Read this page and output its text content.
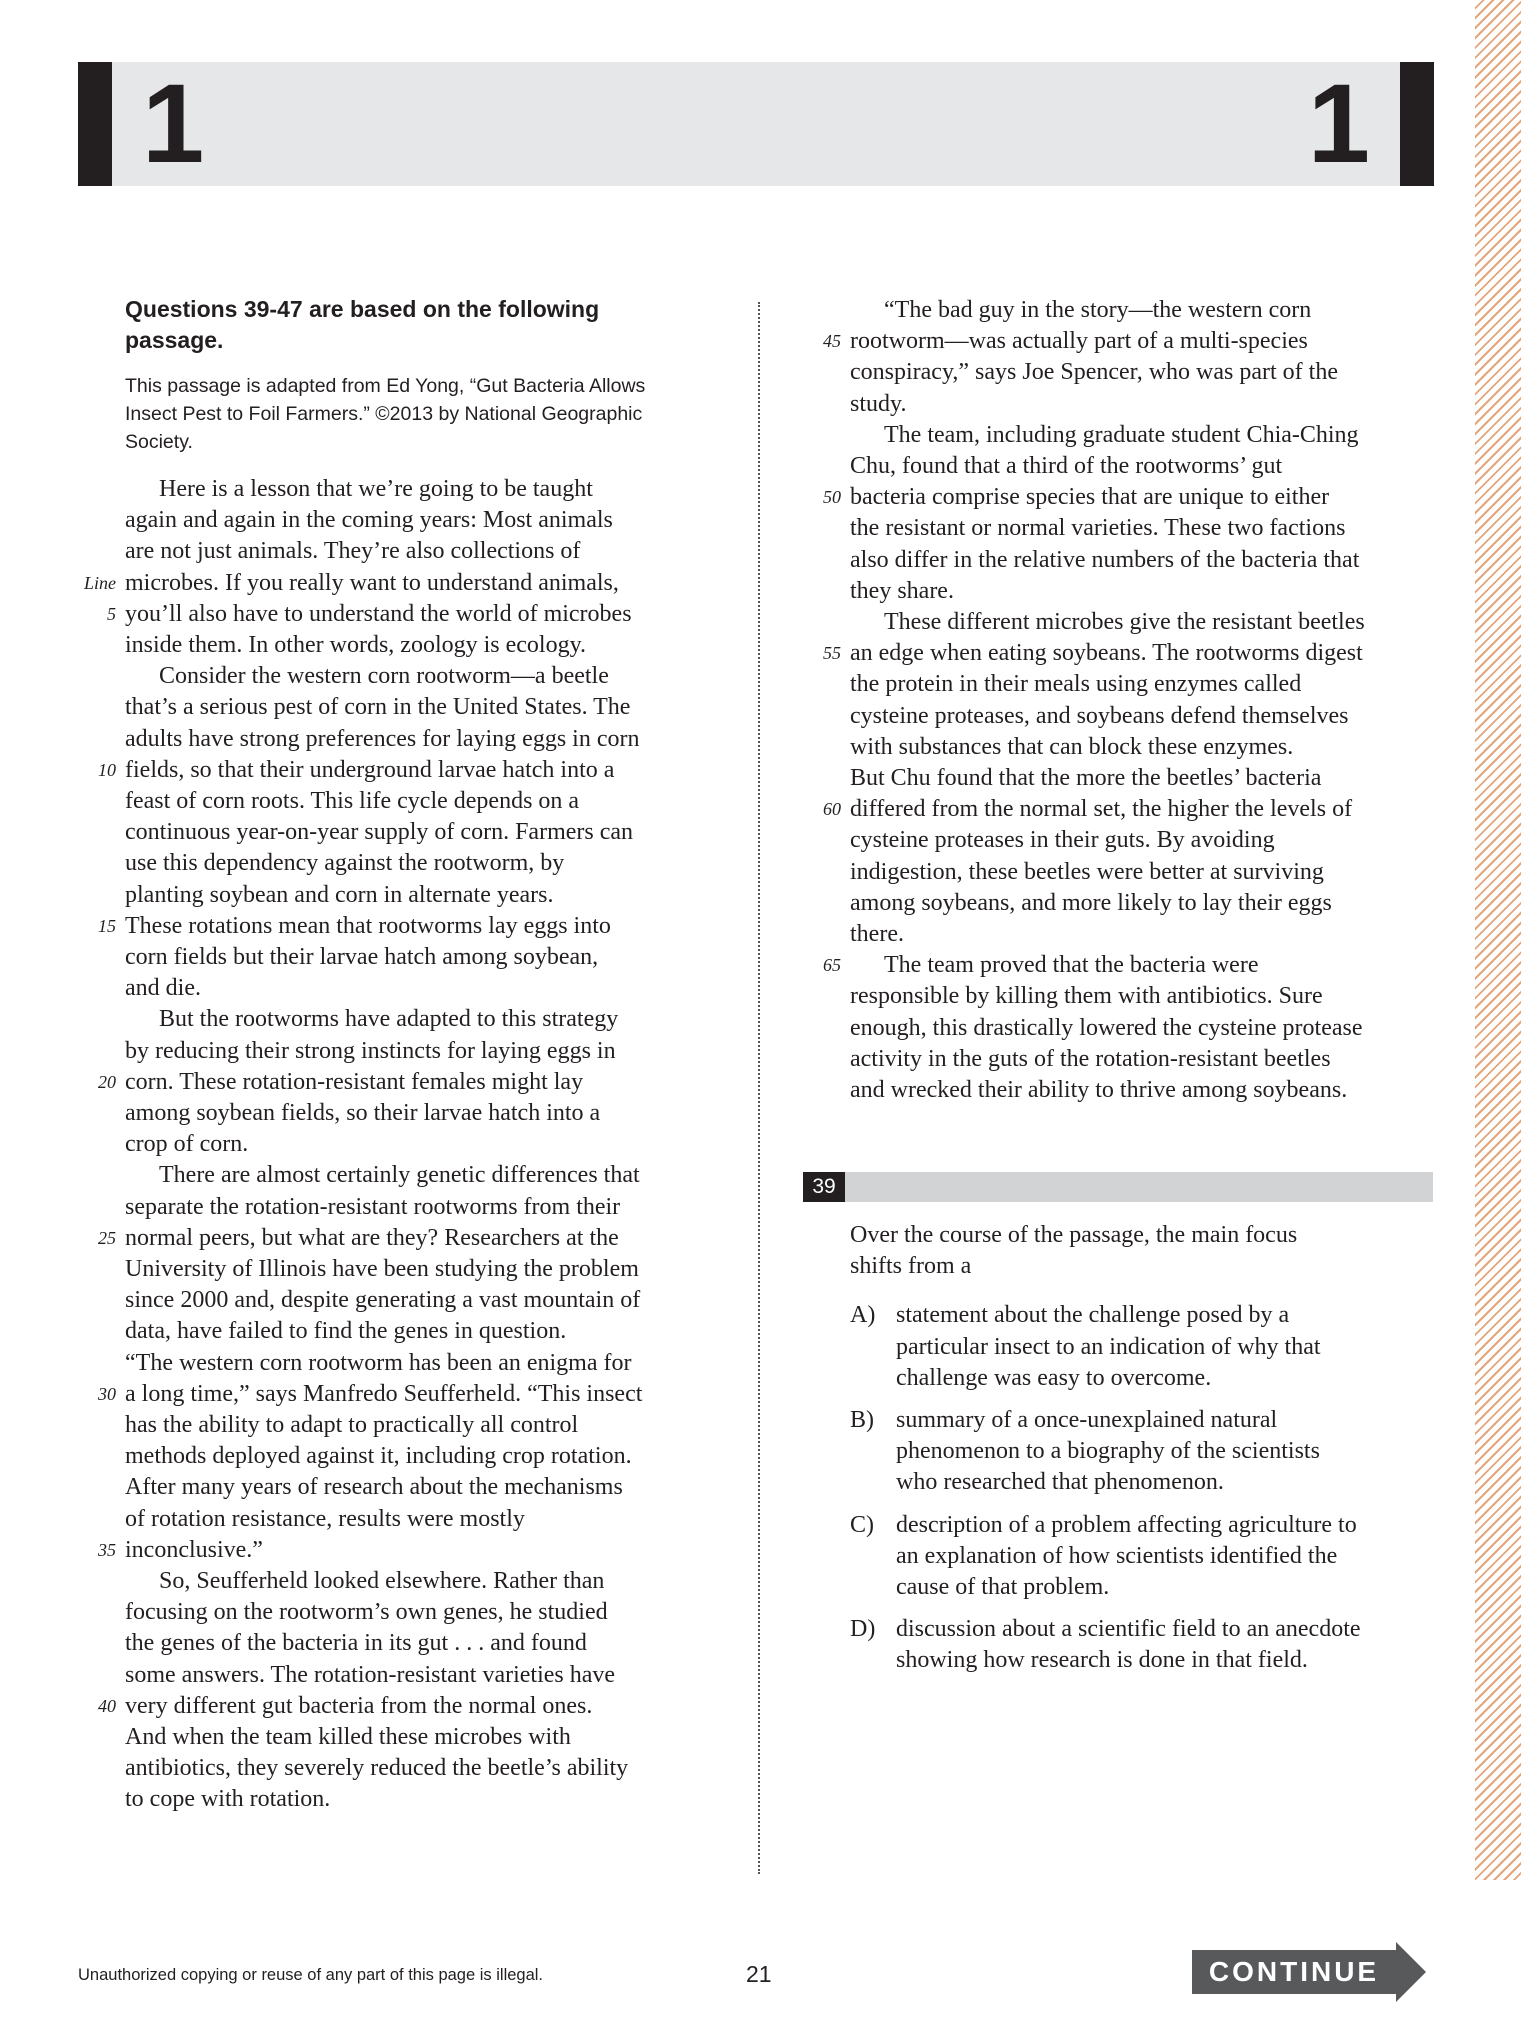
1	1
Questions 39-47 are based on the following
passage.
This passage is adapted from Ed Yong, “Gut Bacteria Allows
Insect Pest to Foil Farmers.” ©2013 by National Geographic
Society.
Here is a lesson that we’re going to be taught
again and again in the coming years: Most animals
are not just animals. They’re also collections of
microbes. If you really want to understand animals,
Line
you’ll also have to understand the world of microbes
5
inside them. In other words, zoology is ecology.
Consider the western corn rootworm—a beetle
that’s a serious pest of corn in the United States. The
adults have strong preferences for laying eggs in corn
fields, so that their underground larvae hatch into a
10
feast of corn roots. This life cycle depends on a
continuous year-on-year supply of corn. Farmers can
use this dependency against the rootworm, by
planting soybean and corn in alternate years.
These rotations mean that rootworms lay eggs into
15
corn fields but their larvae hatch among soybean,
and die.
But the rootworms have adapted to this strategy
by reducing their strong instincts for laying eggs in
corn. These rotation-resistant females might lay
20
among soybean fields, so their larvae hatch into a
crop of corn.
There are almost certainly genetic differences that
separate the rotation-resistant rootworms from their
normal peers, but what are they? Researchers at the
25
University of Illinois have been studying the problem
since 2000 and, despite generating a vast mountain of
data, have failed to find the genes in question.
“The western corn rootworm has been an enigma for
a long time,” says Manfredo Seufferheld. “This insect
30
has the ability to adapt to practically all control
methods deployed against it, including crop rotation.
After many years of research about the mechanisms
of rotation resistance, results were mostly
inconclusive.”
35
So, Seufferheld looked elsewhere. Rather than
focusing on the rootworm’s own genes, he studied
the genes of the bacteria in its gut . . . and found
some answers. The rotation-resistant varieties have
very different gut bacteria from the normal ones.
40
And when the team killed these microbes with
antibiotics, they severely reduced the beetle’s ability
to cope with rotation.
“The bad guy in the story—the western corn
rootworm—was actually part of a multi-species
45
conspiracy,” says Joe Spencer, who was part of the
study.
The team, including graduate student Chia-Ching
Chu, found that a third of the rootworms’ gut
bacteria comprise species that are unique to either
50
the resistant or normal varieties. These two factions
also differ in the relative numbers of the bacteria that
they share.
These different microbes give the resistant beetles
an edge when eating soybeans. The rootworms digest
55
the protein in their meals using enzymes called
cysteine proteases, and soybeans defend themselves
with substances that can block these enzymes.
But Chu found that the more the beetles’ bacteria
differed from the normal set, the higher the levels of
60
cysteine proteases in their guts. By avoiding
indigestion, these beetles were better at surviving
among soybeans, and more likely to lay their eggs
there.
The team proved that the bacteria were
65
responsible by killing them with antibiotics. Sure
enough, this drastically lowered the cysteine protease
activity in the guts of the rotation-resistant beetles
and wrecked their ability to thrive among soybeans.
39
Over the course of the passage, the main focus
shifts from a
A) statement about the challenge posed by a
particular insect to an indication of why that
challenge was easy to overcome.
B) summary of a once-unexplained natural
phenomenon to a biography of the scientists
who researched that phenomenon.
C) description of a problem affecting agriculture to
an explanation of how scientists identified the
cause of that problem.
D) discussion about a scientific field to an anecdote
showing how research is done in that field.
Unauthorized copying or reuse of any part of this page is illegal.	21	CONTINUE
